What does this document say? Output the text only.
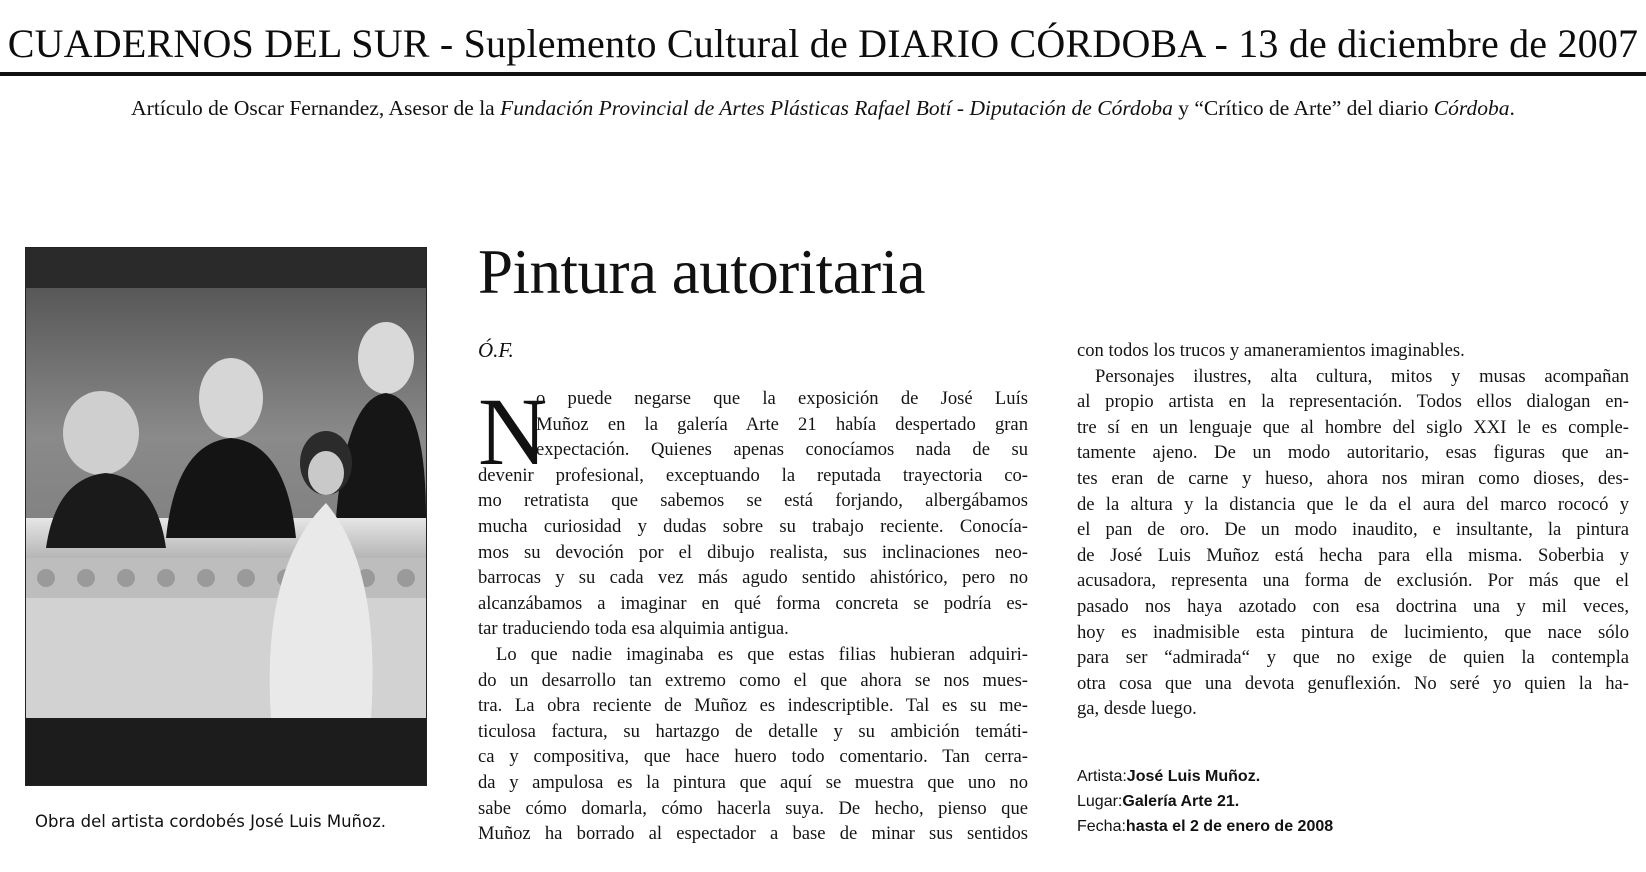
CUADERNOS DEL SUR - Suplemento Cultural de DIARIO CÓRDOBA - 13 de diciembre de 2007
Artículo de Oscar Fernandez, Asesor de la Fundación Provincial de Artes Plásticas Rafael Botí - Diputación de Córdoba y “Crítico de Arte” del diario Córdoba.
Obra del artista cordobés José Luis Muñoz.
Pintura autoritaria
Ó.F.
N
o puede negarse que la exposición de José Luís
Muñoz en la galería Arte 21 había despertado gran
expectación. Quienes apenas conocíamos nada de su
devenir profesional, exceptuando la reputada trayectoria co-
mo retratista que sabemos se está forjando, albergábamos
mucha curiosidad y dudas sobre su trabajo reciente. Conocía-
mos su devoción por el dibujo realista, sus inclinaciones neo-
barrocas y su cada vez más agudo sentido ahistórico, pero no
alcanzábamos a imaginar en qué forma concreta se podría es-
tar traduciendo toda esa alquimia antigua.
Lo que nadie imaginaba es que estas filias hubieran adquiri-
do un desarrollo tan extremo como el que ahora se nos mues-
tra. La obra reciente de Muñoz es indescriptible. Tal es su me-
ticulosa factura, su hartazgo de detalle y su ambición temáti-
ca y compositiva, que hace huero todo comentario. Tan cerra-
da y ampulosa es la pintura que aquí se muestra que uno no
sabe cómo domarla, cómo hacerla suya. De hecho, pienso que
Muñoz ha borrado al espectador a base de minar sus sentidos
con todos los trucos y amaneramientos imaginables.
Personajes ilustres, alta cultura, mitos y musas acompañan
al propio artista en la representación. Todos ellos dialogan en-
tre sí en un lenguaje que al hombre del siglo XXI le es comple-
tamente ajeno. De un modo autoritario, esas figuras que an-
tes eran de carne y hueso, ahora nos miran como dioses, des-
de la altura y la distancia que le da el aura del marco rococó y
el pan de oro. De un modo inaudito, e insultante, la pintura
de José Luis Muñoz está hecha para ella misma. Soberbia y
acusadora, representa una forma de exclusión. Por más que el
pasado nos haya azotado con esa doctrina una y mil veces,
hoy es inadmisible esta pintura de lucimiento, que nace sólo
para ser “admirada“ y que no exige de quien la contempla
otra cosa que una devota genuflexión. No seré yo quien la ha-
ga, desde luego.
Artista:José Luis Muñoz.
Lugar:Galería Arte 21.
Fecha:hasta el 2 de enero de 2008
